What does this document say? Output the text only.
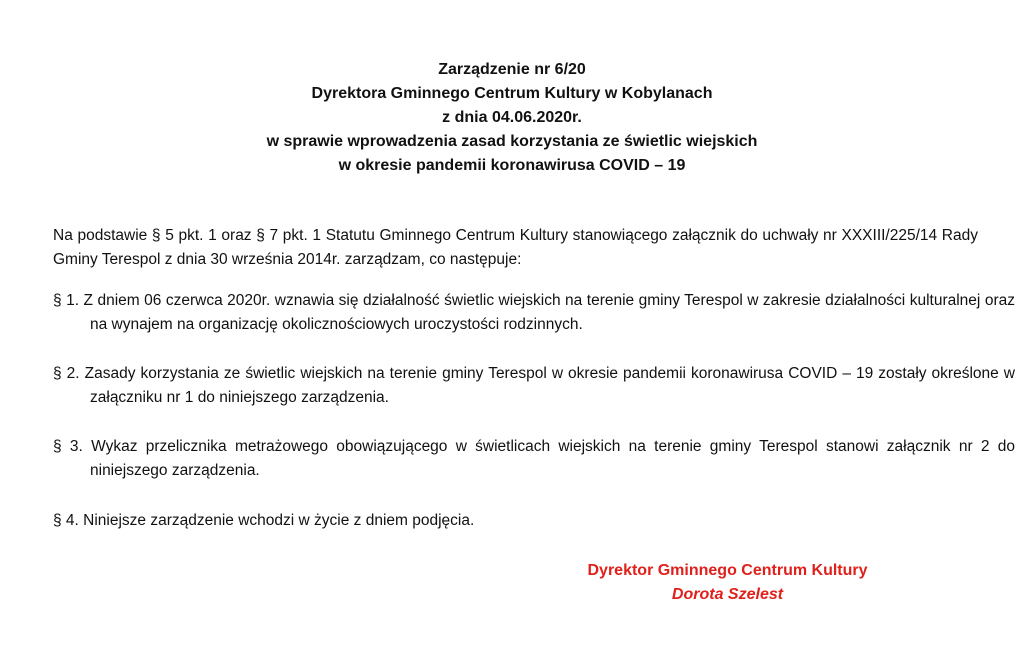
Zarządzenie nr 6/20
Dyrektora Gminnego Centrum Kultury w Kobylanach
z dnia 04.06.2020r.
w sprawie wprowadzenia zasad korzystania ze świetlic wiejskich
w okresie pandemii koronawirusa COVID – 19
Na podstawie § 5 pkt. 1 oraz § 7 pkt. 1 Statutu Gminnego Centrum Kultury stanowiącego załącznik do uchwały nr XXXIII/225/14 Rady Gminy Terespol z dnia 30 września 2014r. zarządzam, co następuje:
§ 1. Z dniem 06 czerwca 2020r. wznawia się działalność świetlic wiejskich na terenie gminy Terespol w zakresie działalności kulturalnej oraz na wynajem na organizację okolicznościowych uroczystości rodzinnych.
§ 2. Zasady korzystania ze świetlic wiejskich na terenie gminy Terespol w okresie pandemii koronawirusa COVID – 19 zostały określone w załączniku nr 1 do niniejszego zarządzenia.
§ 3. Wykaz przelicznika metrażowego obowiązującego w świetlicach wiejskich na terenie gminy Terespol stanowi załącznik nr 2 do niniejszego zarządzenia.
§ 4. Niniejsze zarządzenie wchodzi w życie z dniem podjęcia.
Dyrektor Gminnego Centrum Kultury
Dorota Szelest
